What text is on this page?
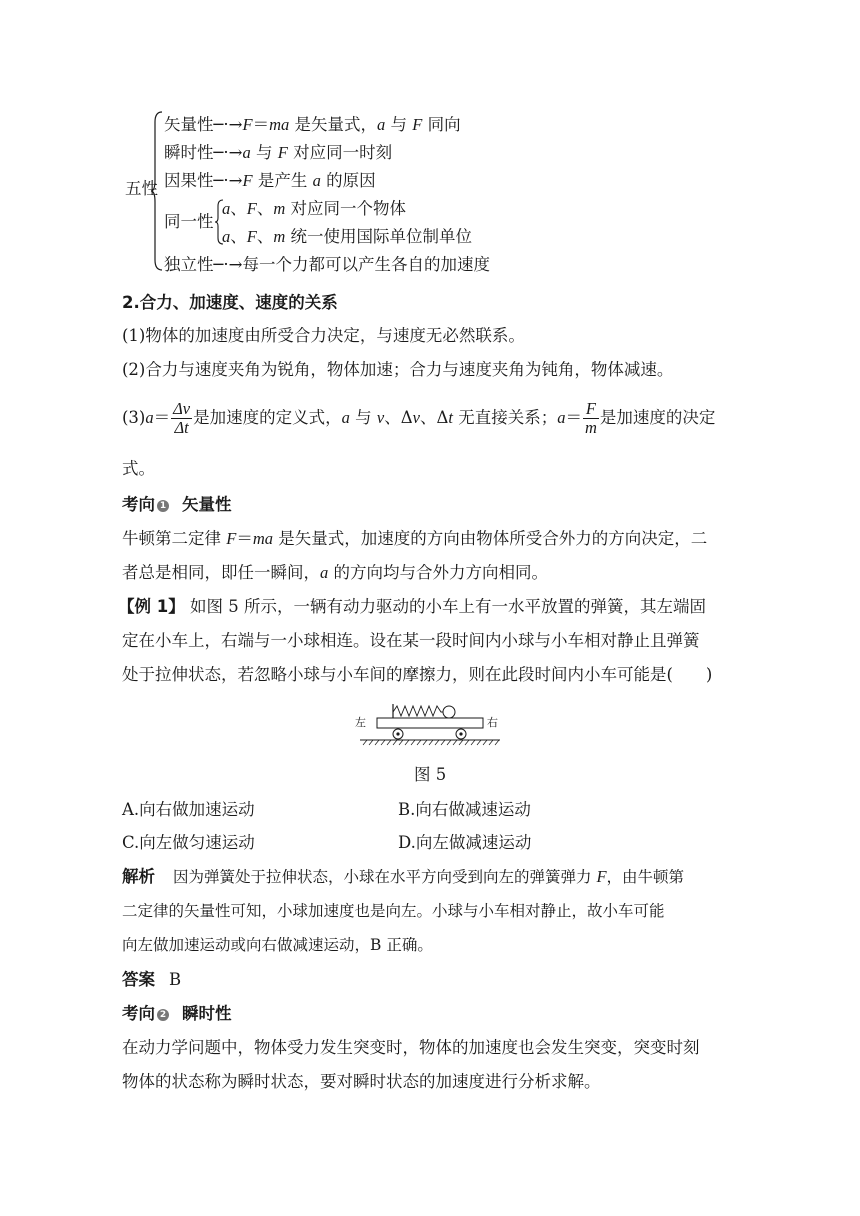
五性
矢量性─·→F＝ma 是矢量式，a 与 F 同向
瞬时性─·→a 与 F 对应同一时刻
因果性─·→F 是产生 a 的原因
同一性
a、F、m 对应同一个物体
a、F、m 统一使用国际单位制单位
独立性─·→每一个力都可以产生各自的加速度
2.合力、加速度、速度的关系
(1)物体的加速度由所受合力决定，与速度无必然联系。
(2)合力与速度夹角为锐角，物体加速；合力与速度夹角为钝角，物体减速。
$(3)a= \frac{\Delta v}{\Delta t}$ 是加速度的定义式，a 与 v、Δv、Δt 无直接关系；$a= \frac{F}{m}$ 是加速度的决定
式。
考向 1 矢量性
牛顿第二定律 F＝ma 是矢量式，加速度的方向由物体所受合外力的方向决定，二
者总是相同，即任一瞬间，a 的方向均与合外力方向相同。
【例 1】 如图 5 所示，一辆有动力驱动的小车上有一水平放置的弹簧，其左端固
定在小车上，右端与一小球相连。设在某一段时间内小球与小车相对静止且弹簧
处于拉伸状态，若忽略小球与小车间的摩擦力，则在此段时间内小车可能是(　　)
左	右
图 5
A.向右做加速运动	B.向右做减速运动
C.向左做匀速运动	D.向左做减速运动
解析 因为弹簧处于拉伸状态，小球在水平方向受到向左的弹簧弹力 F，由牛顿第
二定律的矢量性可知，小球加速度也是向左。小球与小车相对静止，故小车可能
向左做加速运动或向右做减速运动，B 正确。
答案 B
考向 2 瞬时性
在动力学问题中，物体受力发生突变时，物体的加速度也会发生突变，突变时刻
物体的状态称为瞬时状态，要对瞬时状态的加速度进行分析求解。
